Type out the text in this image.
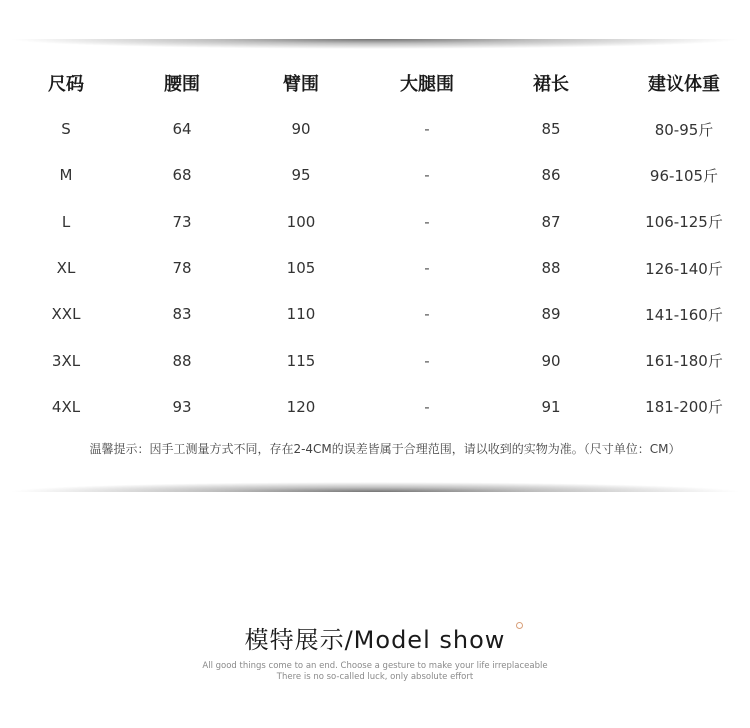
尺码	腰围	臂围	大腿围	裙长	建议体重
S	64	90	-	85	80-95斤
M	68	95	-	86	96-105斤
L	73	100	-	87	106-125斤
XL	78	105	-	88	126-140斤
XXL	83	110	-	89	141-160斤
3XL	88	115	-	90	161-180斤
4XL	93	120	-	91	181-200斤
温馨提示：因手工测量方式不同，存在2-4CM的误差皆属于合理范围，请以收到的实物为准。（尺寸单位：CM）
模特展示/Model show
All good things come to an end. Choose a gesture to make your life irreplaceable
There is no so-called luck, only absolute effort
